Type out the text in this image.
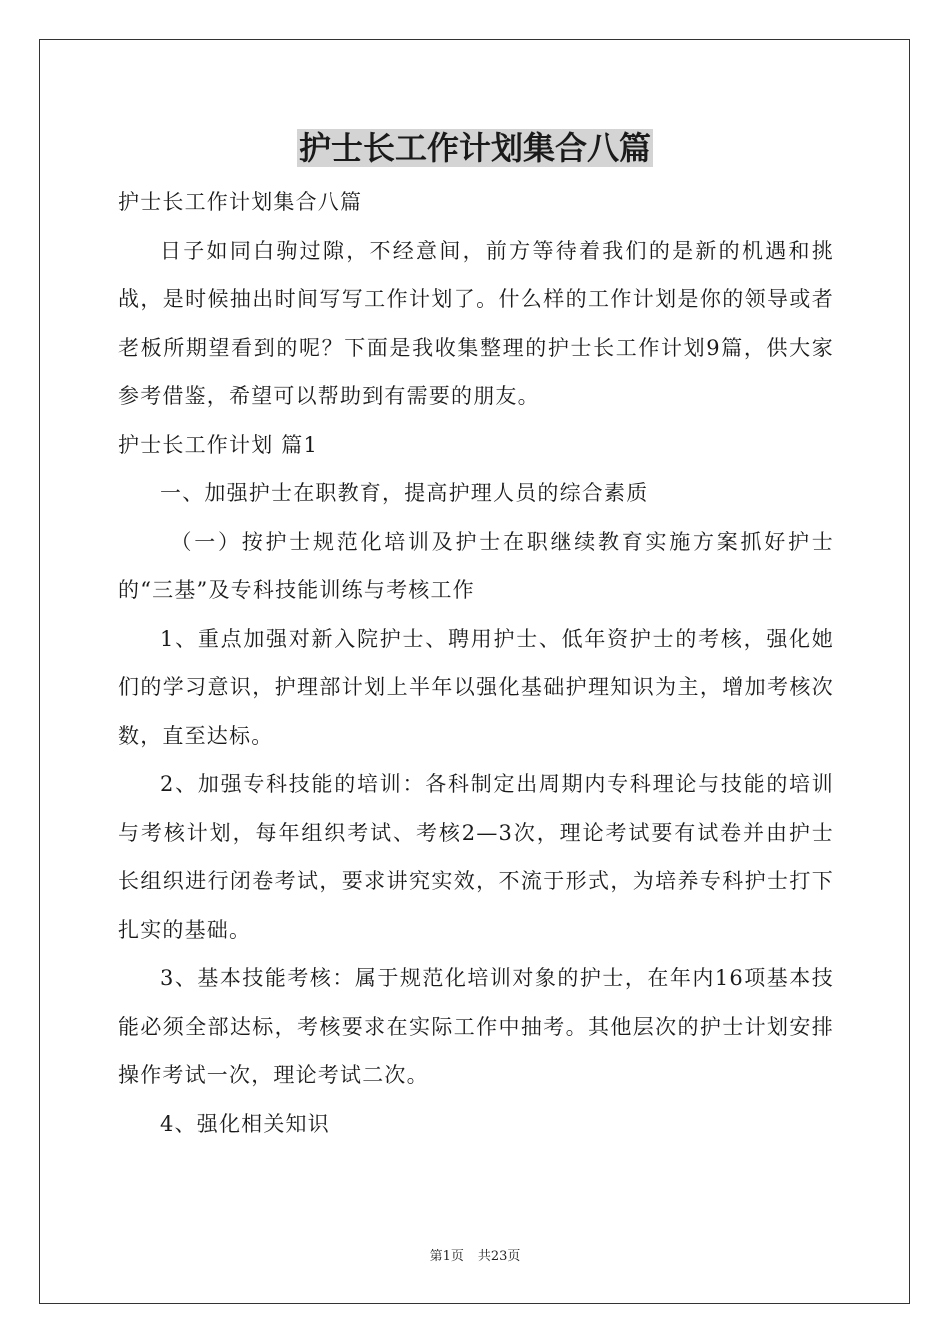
护士长工作计划集合八篇

护士长工作计划集合八篇

日子如同白驹过隙，不经意间，前方等待着我们的是新的机遇和挑战，是时候抽出时间写写工作计划了。什么样的工作计划是你的领导或者老板所期望看到的呢？下面是我收集整理的护士长工作计划9篇，供大家参考借鉴，希望可以帮助到有需要的朋友。

护士长工作计划 篇1

一、加强护士在职教育，提高护理人员的综合素质

（一）按护士规范化培训及护士在职继续教育实施方案抓好护士的“三基”及专科技能训练与考核工作

1、重点加强对新入院护士、聘用护士、低年资护士的考核，强化她们的学习意识，护理部计划上半年以强化基础护理知识为主，增加考核次数，直至达标。

2、加强专科技能的培训：各科制定出周期内专科理论与技能的培训与考核计划，每年组织考试、考核2—3次，理论考试要有试卷并由护士长组织进行闭卷考试，要求讲究实效，不流于形式，为培养专科护士打下扎实的基础。

3、基本技能考核：属于规范化培训对象的护士，在年内16项基本技能必须全部达标，考核要求在实际工作中抽考。其他层次的护士计划安排操作考试一次，理论考试二次。

4、强化相关知识

第1页 共23页
